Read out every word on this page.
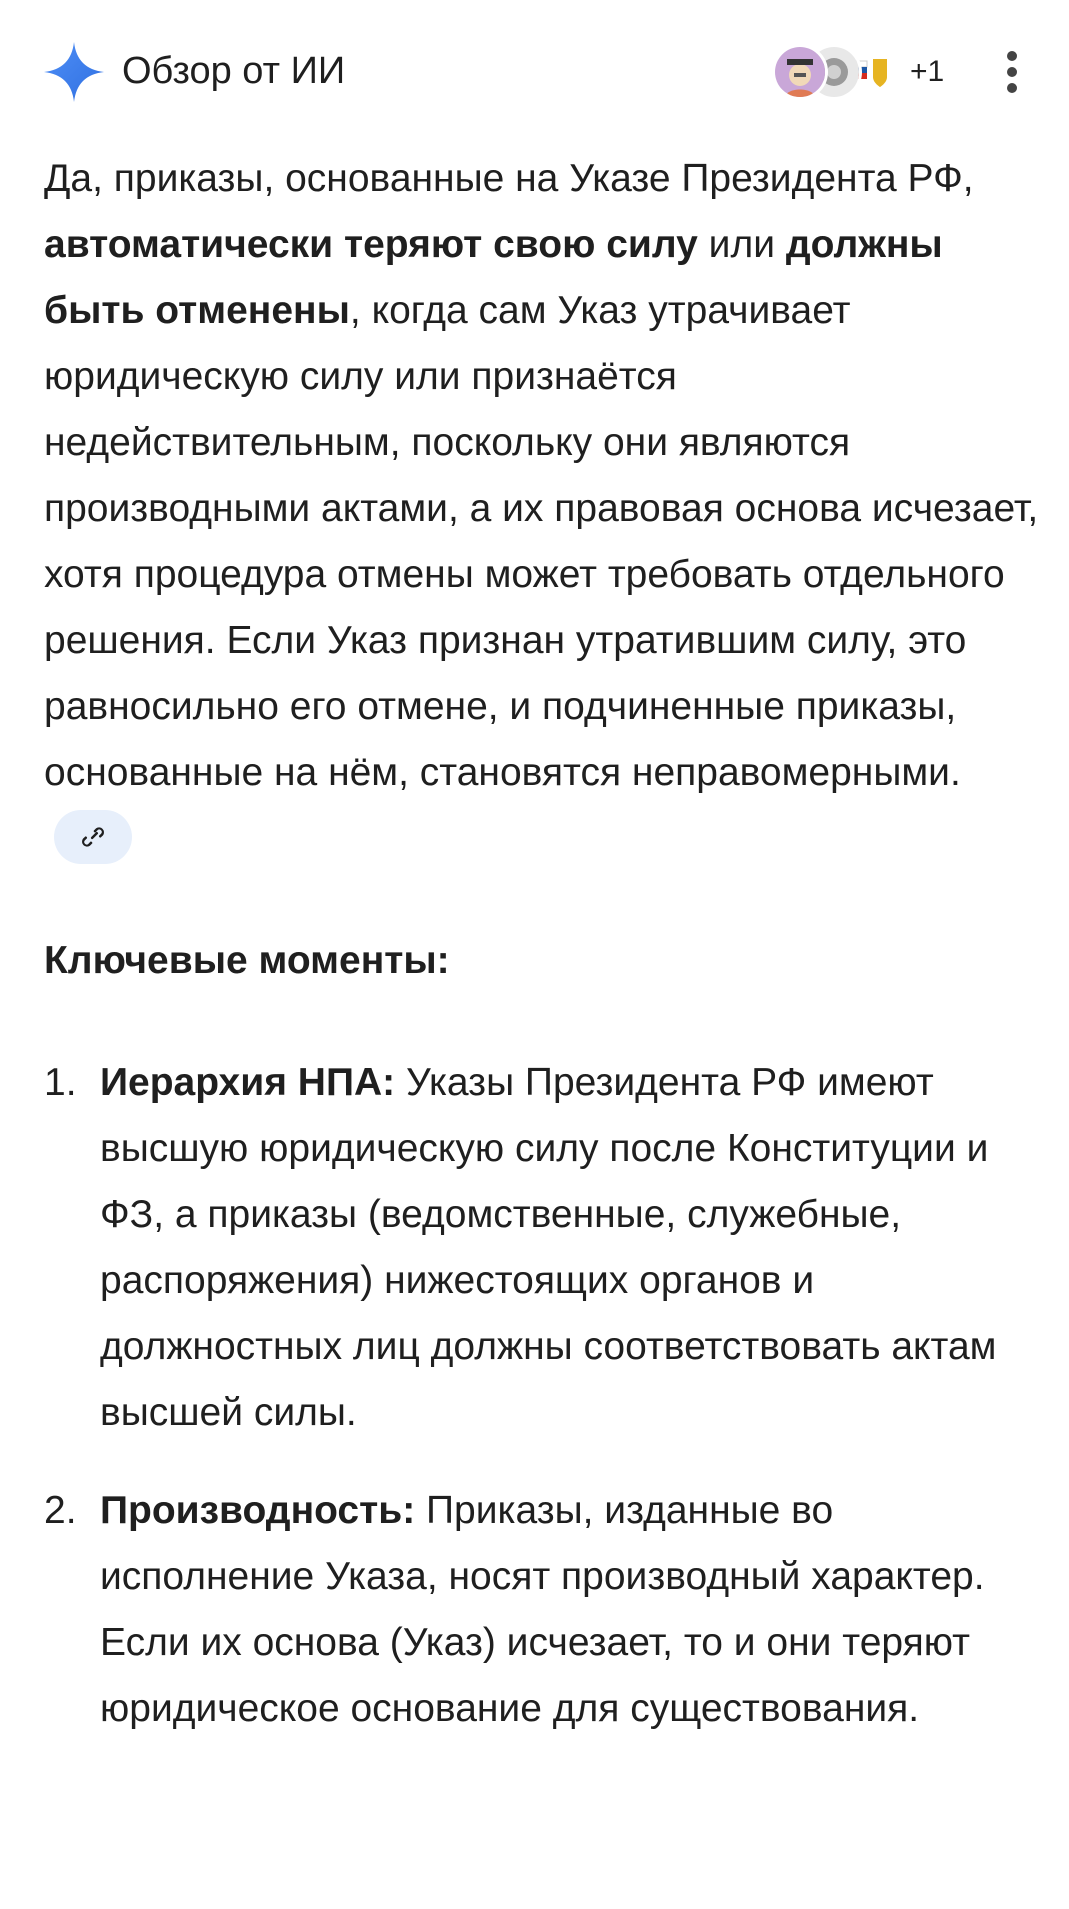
Обзор от ИИ	+1

Да, приказы, основанные на Указе Президента РФ, автоматически теряют свою силу или должны быть отменены, когда сам Указ утрачивает юридическую силу или признаётся недействительным, поскольку они являются производными актами, а их правовая основа исчезает, хотя процедура отмены может требовать отдельного решения. Если Указ признан утратившим силу, это равносильно его отмене, и подчиненные приказы, основанные на нём, становятся неправомерными.

Ключевые моменты:
1. Иерархия НПА: Указы Президента РФ имеют высшую юридическую силу после Конституции и ФЗ, а приказы (ведомственные, служебные, распоряжения) нижестоящих органов и должностных лиц должны соответствовать актам высшей силы.
2. Производность: Приказы, изданные во исполнение Указа, носят производный характер. Если их основа (Указ) исчезает, то и они теряют юридическое основание для существования.
